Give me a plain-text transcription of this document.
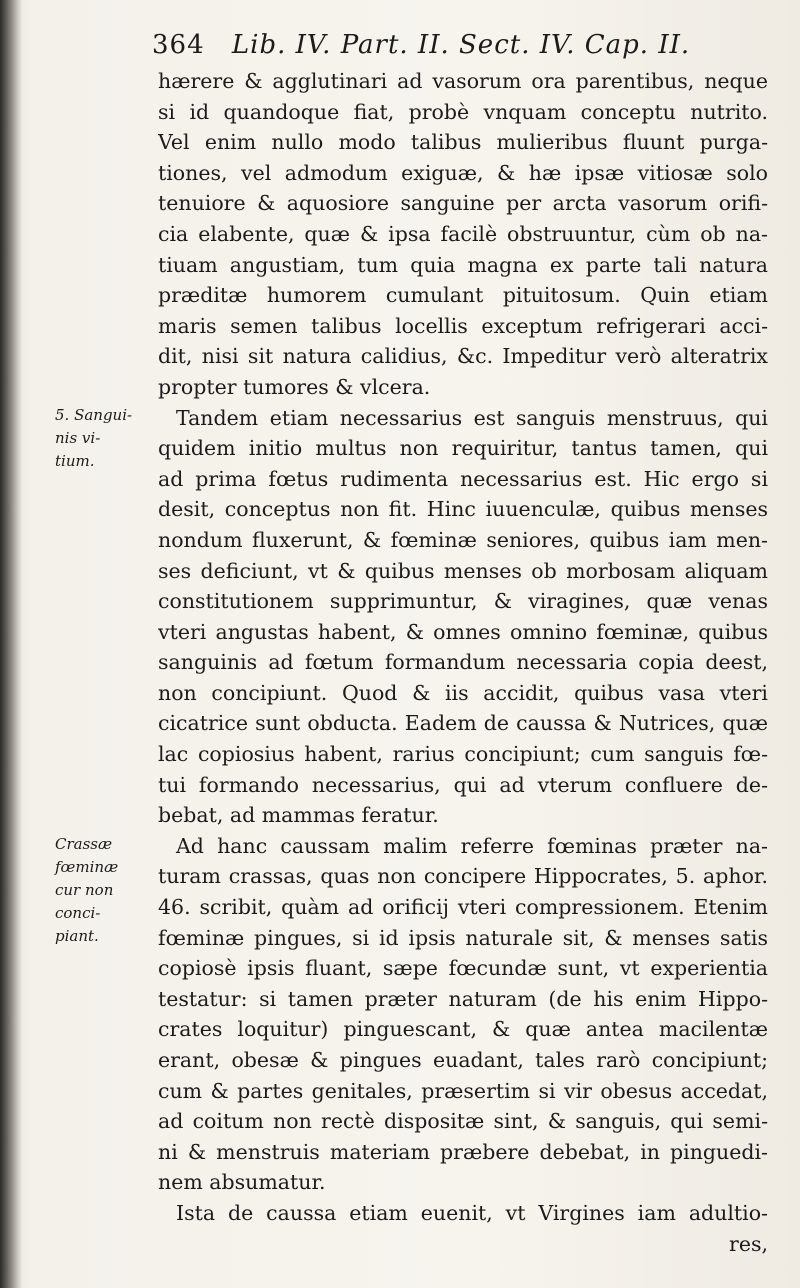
364 Lib. IV. Part. II. Sect. IV. Cap. II.
hærere & agglutinari ad vasorum ora parentibus, neque
si id quandoque fiat, probè vnquam conceptu nutrito.
Vel enim nullo modo talibus mulieribus fluunt purga-
tiones, vel admodum exiguæ, & hæ ipsæ vitiosæ solo
tenuiore & aquosiore sanguine per arcta vasorum orifi-
cia elabente, quæ & ipsa facilè obstruuntur, cùm ob na-
tiuam angustiam, tum quia magna ex parte tali natura
præditæ humorem cumulant pituitosum. Quin etiam
maris semen talibus locellis exceptum refrigerari acci-
dit, nisi sit natura calidius, &c. Impeditur verò alteratrix
propter tumores & vlcera.
Tandem etiam necessarius est sanguis menstruus, qui
quidem initio multus non requiritur, tantus tamen, qui
ad prima fœtus rudimenta necessarius est. Hic ergo si
desit, conceptus non fit. Hinc iuuenculæ, quibus menses
nondum fluxerunt, & fœminæ seniores, quibus iam men-
ses deficiunt, vt & quibus menses ob morbosam aliquam
constitutionem supprimuntur, & viragines, quæ venas
vteri angustas habent, & omnes omnino fœminæ, quibus
sanguinis ad fœtum formandum necessaria copia deest,
non concipiunt. Quod & iis accidit, quibus vasa vteri
cicatrice sunt obducta. Eadem de caussa & Nutrices, quæ
lac copiosius habent, rarius concipiunt; cum sanguis fœ-
tui formando necessarius, qui ad vterum confluere de-
bebat, ad mammas feratur.
Ad hanc caussam malim referre fœminas præter na-
turam crassas, quas non concipere Hippocrates, 5. aphor.
46. scribit, quàm ad orificij vteri compressionem. Etenim
fœminæ pingues, si id ipsis naturale sit, & menses satis
copiosè ipsis fluant, sæpe fœcundæ sunt, vt experientia
testatur: si tamen præter naturam (de his enim Hippo-
crates loquitur) pinguescant, & quæ antea macilentæ
erant, obesæ & pingues euadant, tales rarò concipiunt;
cum & partes genitales, præsertim si vir obesus accedat,
ad coitum non rectè dispositæ sint, & sanguis, qui semi-
ni & menstruis materiam præbere debebat, in pinguedi-
nem absumatur.
Ista de caussa etiam euenit, vt Virgines iam adultio-
res,
5. Sangui-
nis vi-
tium.
Crassæ
fœminæ
cur non
conci-
piant.
